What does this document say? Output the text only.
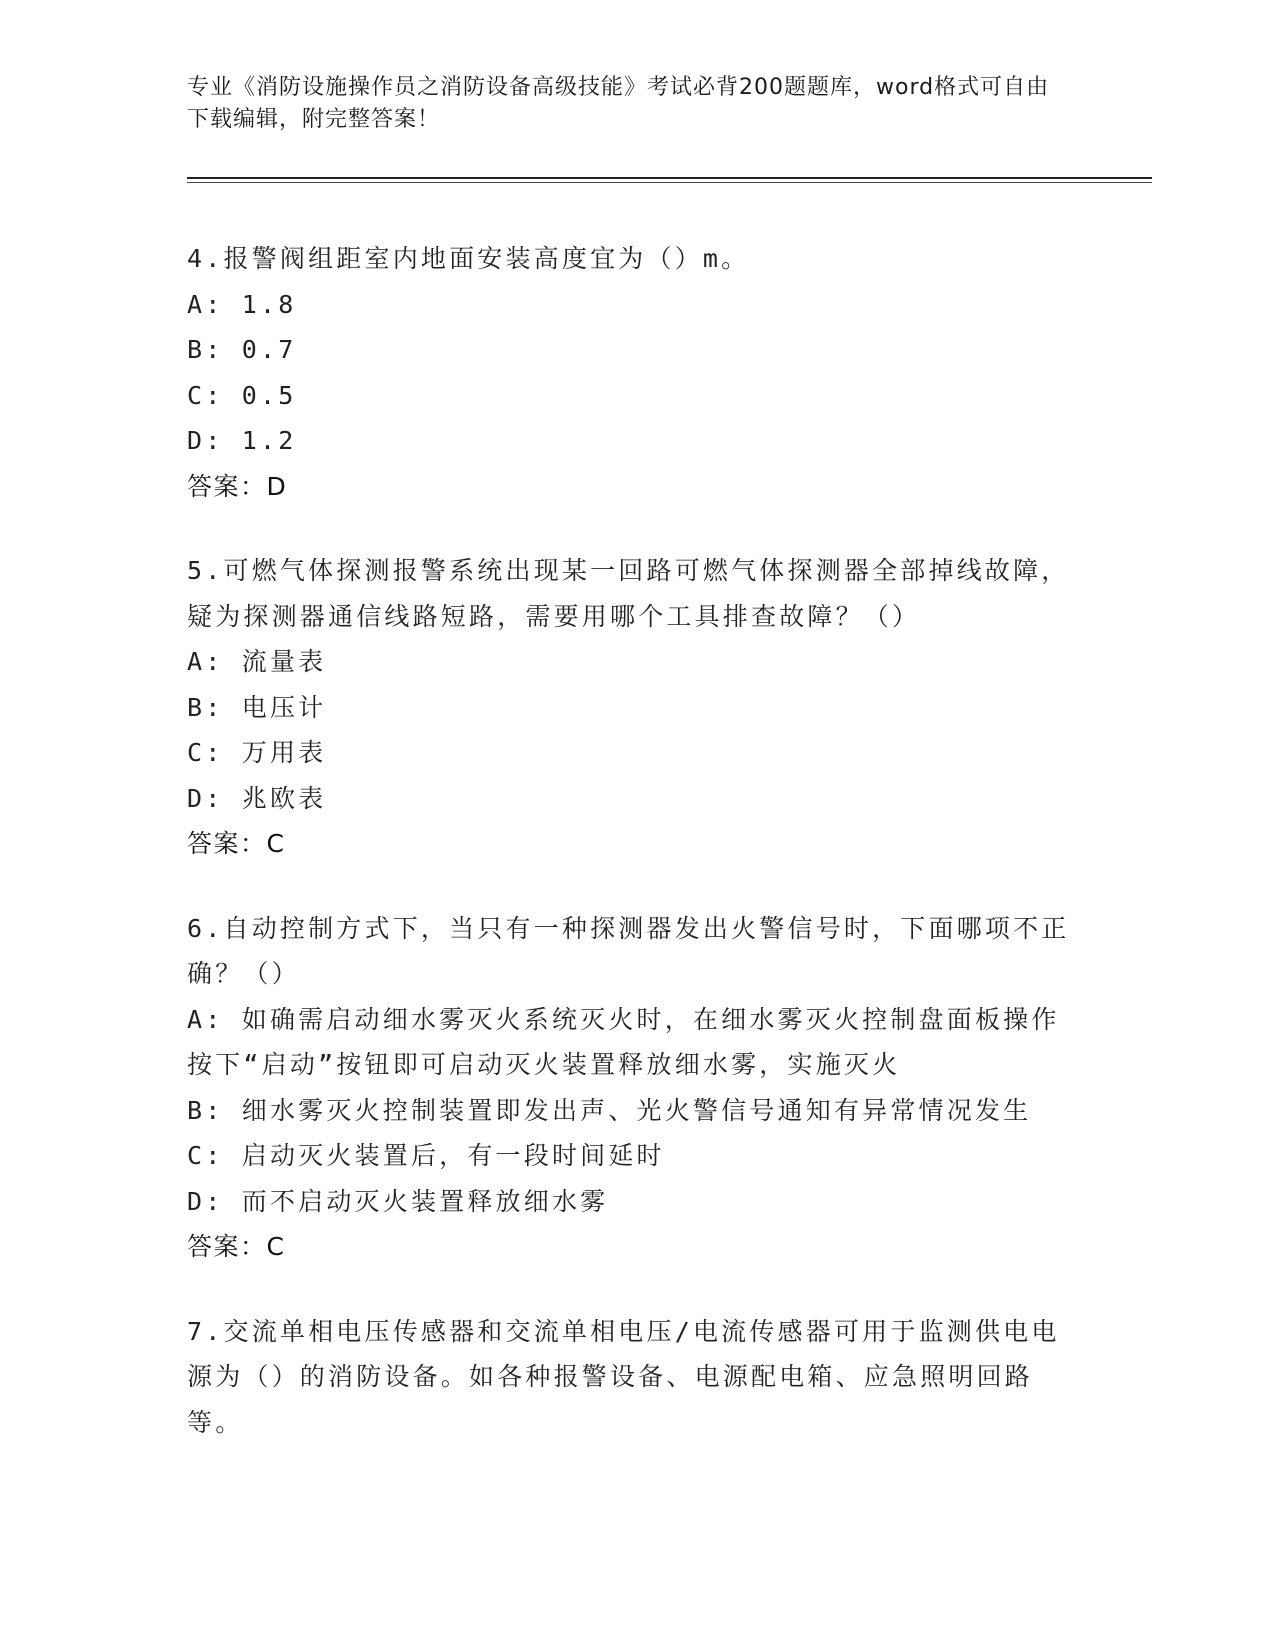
专业《消防设施操作员之消防设备高级技能》考试必背200题题库，word格式可自由下载编辑，附完整答案！

4.报警阀组距室内地面安装高度宜为（）m。

A: 1.8

B: 0.7

C: 0.5

D: 1.2

答案：D

5.可燃气体探测报警系统出现某一回路可燃气体探测器全部掉线故障，疑为探测器通信线路短路，需要用哪个工具排查故障？（）

A: 流量表

B: 电压计

C: 万用表

D: 兆欧表

答案：C

6.自动控制方式下，当只有一种探测器发出火警信号时，下面哪项不正确？（）

A: 如确需启动细水雾灭火系统灭火时，在细水雾灭火控制盘面板操作按下“启动”按钮即可启动灭火装置释放细水雾，实施灭火

B: 细水雾灭火控制装置即发出声、光火警信号通知有异常情况发生

C: 启动灭火装置后，有一段时间延时

D: 而不启动灭火装置释放细水雾

答案：C

7.交流单相电压传感器和交流单相电压/电流传感器可用于监测供电电源为（）的消防设备。如各种报警设备、电源配电箱、应急照明回路等。
